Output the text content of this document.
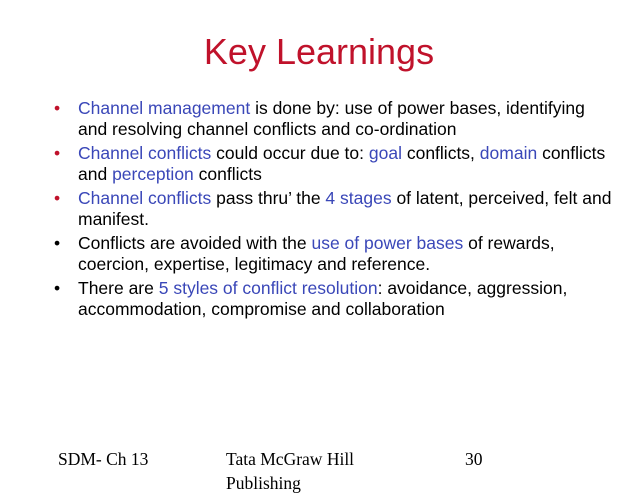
Key Learnings
• Channel management is done by: use of power bases, identifying and resolving channel conflicts and co-ordination
• Channel conflicts could occur due to: goal conflicts, domain conflicts and perception conflicts
• Channel conflicts pass thru’ the 4 stages of latent, perceived, felt and manifest.
• Conflicts are avoided with the use of power bases of rewards, coercion, expertise, legitimacy and reference.
• There are 5 styles of conflict resolution: avoidance, aggression, accommodation, compromise and collaboration
SDM- Ch 13	Tata McGraw Hill Publishing
30
